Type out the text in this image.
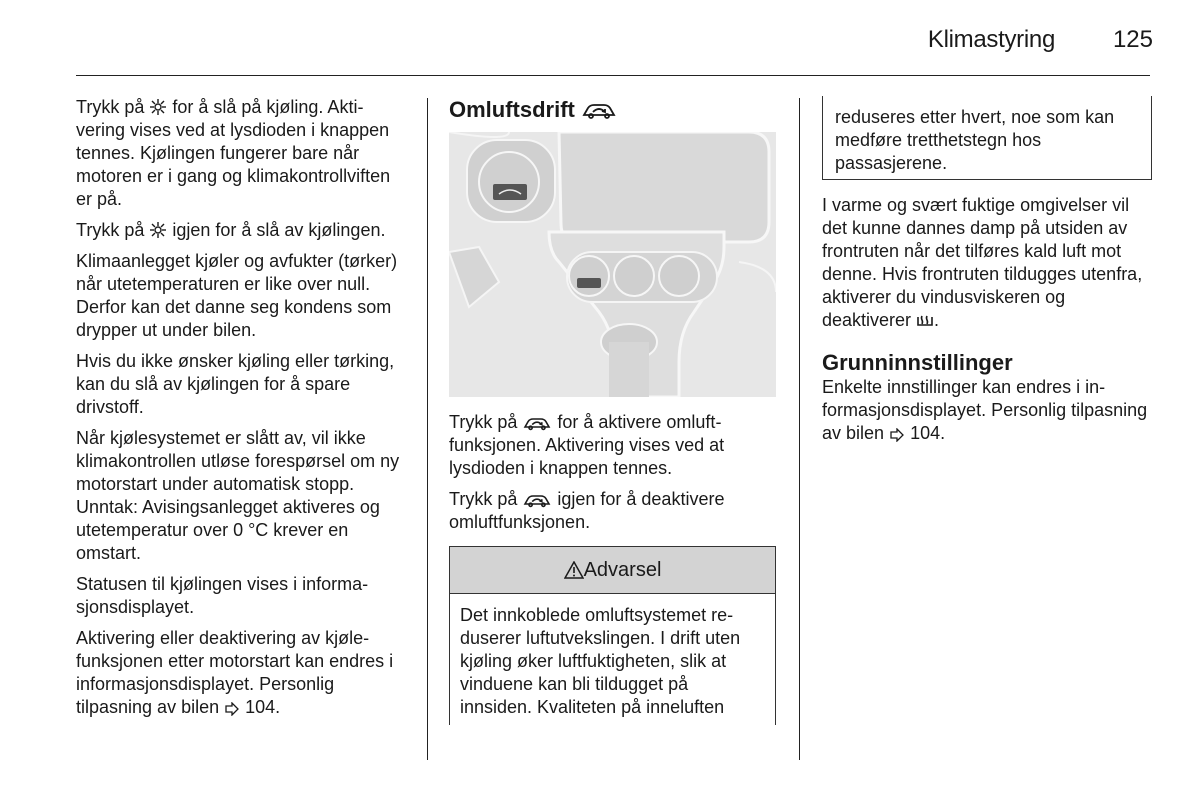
Klimastyring	125

Trykk på  for å slå på kjøling. Aktivering vises ved at lysdioden i knappen tennes. Kjølingen fungerer bare når motoren er i gang og klimakontrollviften er på.

Trykk på  igjen for å slå av kjølingen.

Klimaanlegget kjøler og avfukter (tørker) når utetemperaturen er like over null. Derfor kan det danne seg kondens som drypper ut under bilen.

Hvis du ikke ønsker kjøling eller tørking, kan du slå av kjølingen for å spare drivstoff.

Når kjølesystemet er slått av, vil ikke klimakontrollen utløse forespørsel om ny motorstart under automatisk stopp. Unntak: Avisingsanlegget aktiveres og utetemperatur over 0 °C krever en omstart.

Statusen til kjølingen vises i informasjonsdisplayet.

Aktivering eller deaktivering av kjølefunksjonen etter motorstart kan endres i informasjonsdisplayet. Personlig tilpasning av bilen  104.

Omluftsdrift

Trykk på  for å aktivere omluftfunksjonen. Aktivering vises ved at lysdioden i knappen tennes.

Trykk på  igjen for å deaktivere omluftfunksjonen.

Advarsel
Det innkoblede omluftsystemet reduserer luftutvekslingen. I drift uten kjøling øker luftfuktigheten, slik at vinduene kan bli tildugget på innsiden. Kvaliteten på inneluften
reduseres etter hvert, noe som kan medføre tretthetstegn hos passasjerene.

I varme og svært fuktige omgivelser vil det kunne dannes damp på utsiden av frontruten når det tilføres kald luft mot denne. Hvis frontruten tildugges utenfra, aktiverer du vindusviskeren og deaktiverer .

Grunninnstillinger

Enkelte innstillinger kan endres i informasjonsdisplayet. Personlig tilpasning av bilen  104.
